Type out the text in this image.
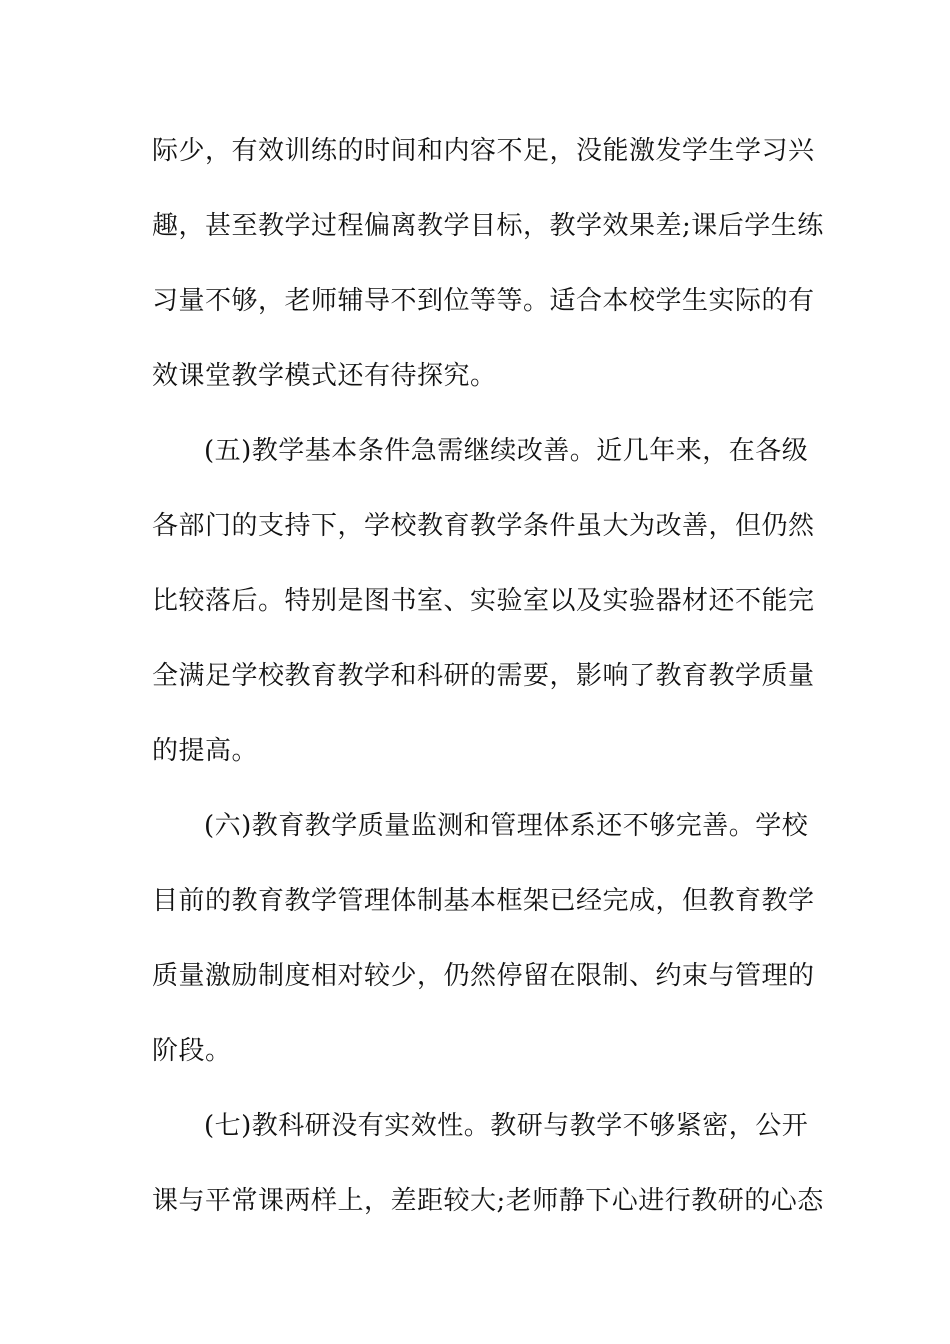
际少，有效训练的时间和内容不足，没能激发学生学习兴
趣，甚至教学过程偏离教学目标，教学效果差;课后学生练
习量不够，老师辅导不到位等等。适合本校学生实际的有
效课堂教学模式还有待探究。
(五)教学基本条件急需继续改善。近几年来，在各级
各部门的支持下，学校教育教学条件虽大为改善，但仍然
比较落后。特别是图书室、实验室以及实验器材还不能完
全满足学校教育教学和科研的需要，影响了教育教学质量
的提高。
(六)教育教学质量监测和管理体系还不够完善。学校
目前的教育教学管理体制基本框架已经完成，但教育教学
质量激励制度相对较少，仍然停留在限制、约束与管理的
阶段。
(七)教科研没有实效性。教研与教学不够紧密，公开
课与平常课两样上，差距较大;老师静下心进行教研的心态
